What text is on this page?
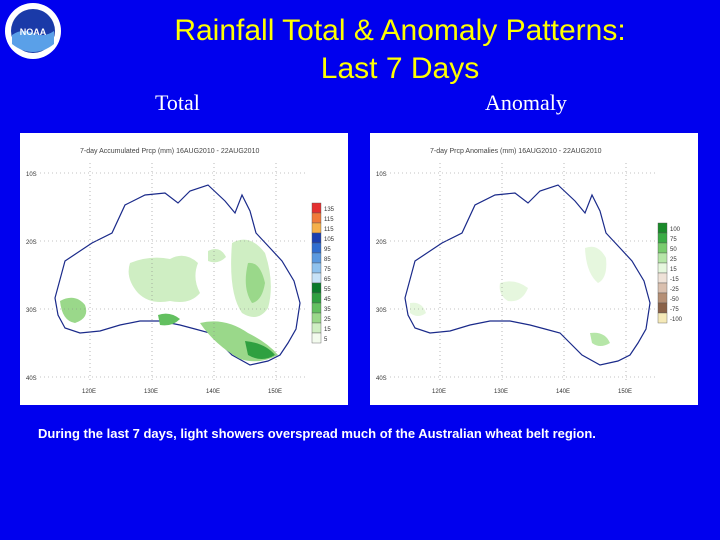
NOAA	Rainfall Total & Anomaly Patterns:
Last 7 Days
Total	Anomaly
7-day Accumulated Prcp (mm) 16AUG2010 - 22AUG2010
10S
20S
30S
40S
120E	130E	140E	150E
135
115
115
105
95
85
75
65
55
45
35
25
15
5
7-day Prcp Anomalies (mm) 16AUG2010 - 22AUG2010
10S
20S
30S
40S
120E	130E	140E	150E
100
75
50
25
15
-15
-25
-50
-75
-100
During the last 7 days, light showers overspread much of the Australian wheat belt region.
